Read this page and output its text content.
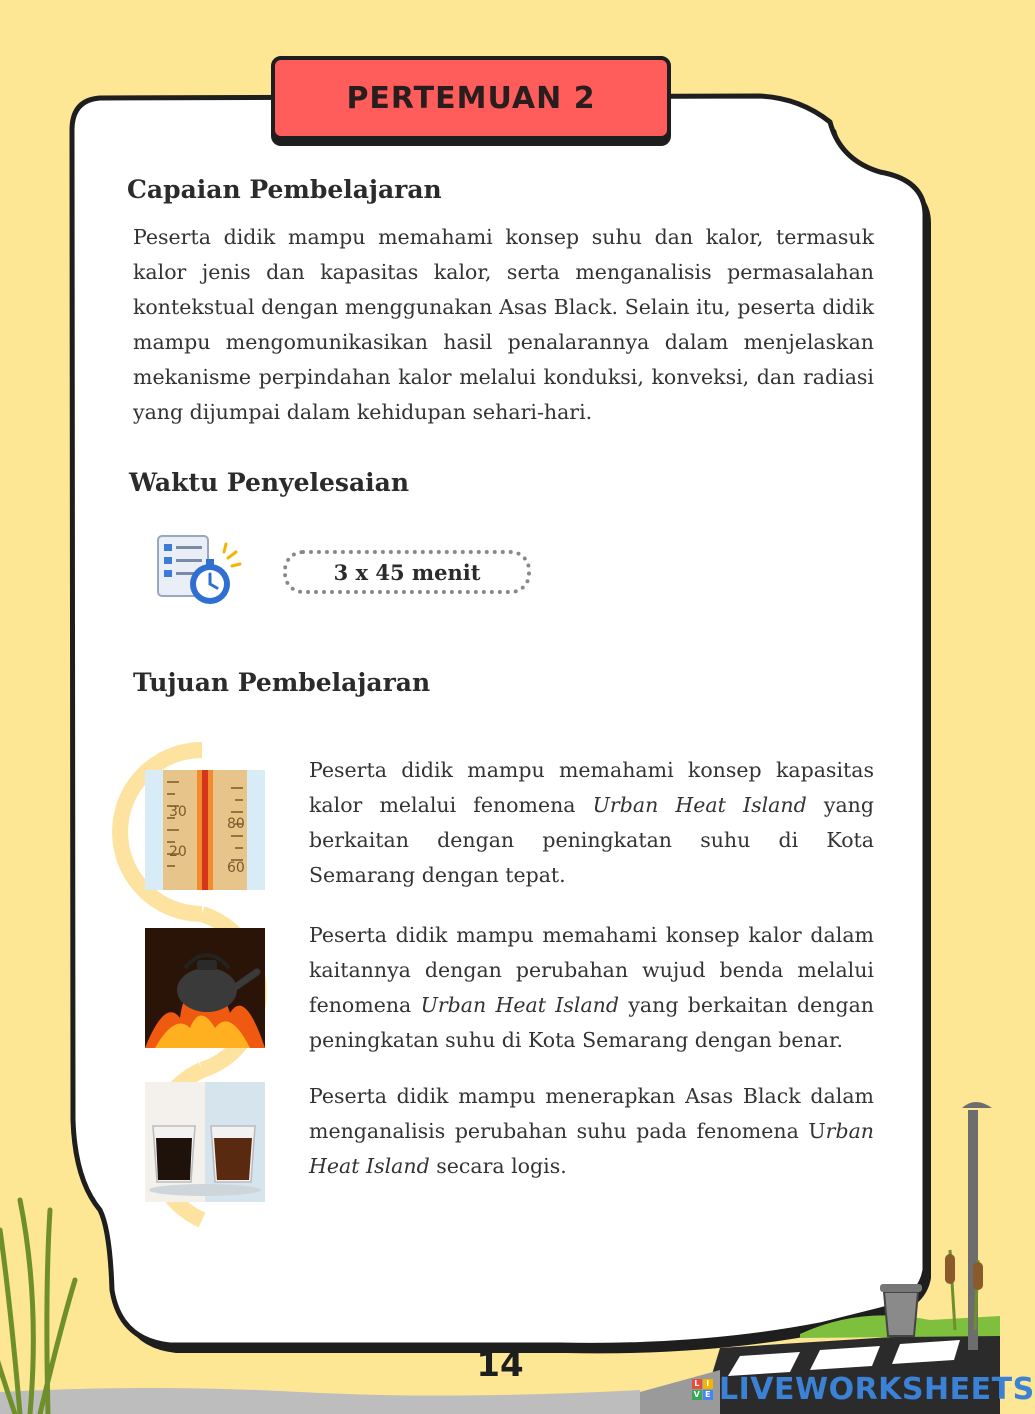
PERTEMUAN 2
Capaian Pembelajaran

Peserta didik mampu memahami konsep suhu dan kalor, termasuk kalor jenis dan kapasitas kalor, serta menganalisis permasalahan kontekstual dengan menggunakan Asas Black. Selain itu, peserta didik mampu mengomunikasikan hasil penalarannya dalam menjelaskan mekanisme perpindahan kalor melalui konduksi, konveksi, dan radiasi yang dijumpai dalam kehidupan sehari-hari.

Waktu Penyelesaian
3 x 45 menit
Tujuan Pembelajaran
30
20
80
60

Peserta didik mampu memahami konsep kapasitas kalor melalui fenomena Urban Heat Island yang berkaitan dengan peningkatan suhu di Kota Semarang dengan tepat.

Peserta didik mampu memahami konsep kalor dalam kaitannya dengan perubahan wujud benda melalui fenomena Urban Heat Island yang berkaitan dengan peningkatan suhu di Kota Semarang dengan benar.

Peserta didik mampu menerapkan Asas Black dalam menganalisis perubahan suhu pada fenomena Urban Heat Island secara logis.

14	L I
V E LIVEWORKSHEETS
